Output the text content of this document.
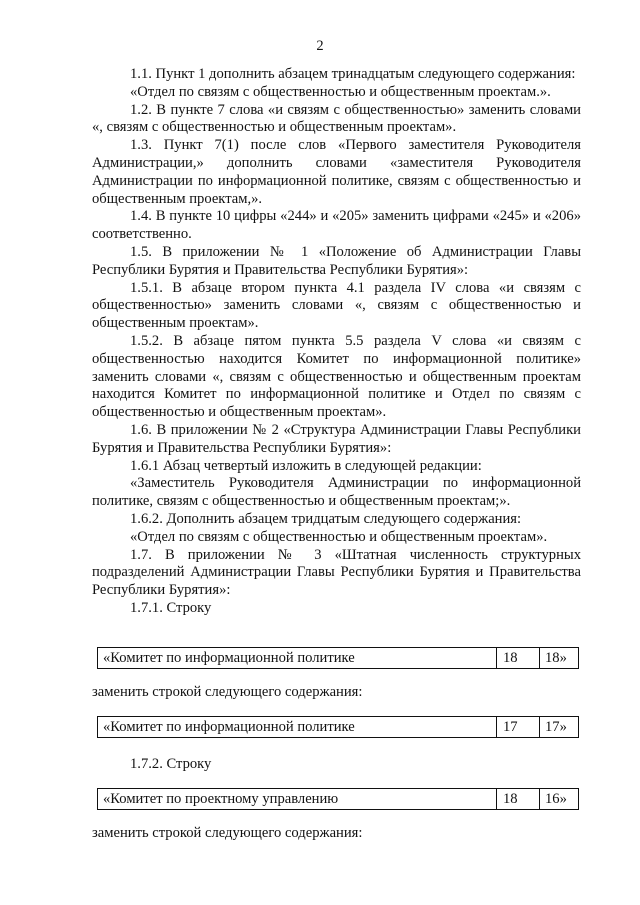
2

1.1. Пункт 1 дополнить абзацем тринадцатым следующего содержания:

«Отдел по связям с общественностью и общественным проектам.».

1.2. В пункте 7 слова «и связям с общественностью» заменить словами «, связям с общественностью и общественным проектам».

1.3. Пункт 7(1) после слов «Первого заместителя Руководителя Администрации,» дополнить словами «заместителя Руководителя Администрации по информационной политике, связям с общественностью и общественным проектам,».

1.4. В пункте 10 цифры «244» и «205» заменить цифрами «245» и «206» соответственно.

1.5. В приложении № 1 «Положение об Администрации Главы Республики Бурятия и Правительства Республики Бурятия»:

1.5.1. В абзаце втором пункта 4.1 раздела IV слова «и связям с общественностью» заменить словами «, связям с общественностью и общественным проектам».

1.5.2. В абзаце пятом пункта 5.5 раздела V слова «и связям с общественностью находится Комитет по информационной политике» заменить словами «, связям с общественностью и общественным проектам находится Комитет по информационной политике и Отдел по связям с общественностью и общественным проектам».

1.6. В приложении № 2 «Структура Администрации Главы Республики Бурятия и Правительства Республики Бурятия»:

1.6.1 Абзац четвертый изложить в следующей редакции:

«Заместитель Руководителя Администрации по информационной политике, связям с общественностью и общественным проектам;».

1.6.2. Дополнить абзацем тридцатым следующего содержания:

«Отдел по связям с общественностью и общественным проектам».

1.7. В приложении № 3 «Штатная численность структурных подразделений Администрации Главы Республики Бурятия и Правительства Республики Бурятия»:

1.7.1. Строку

«Комитет по информационной политике	18	18»
заменить строкой следующего содержания:
«Комитет по информационной политике	17	17»
1.7.2. Строку
«Комитет по проектному управлению	18	16»
заменить строкой следующего содержания:
